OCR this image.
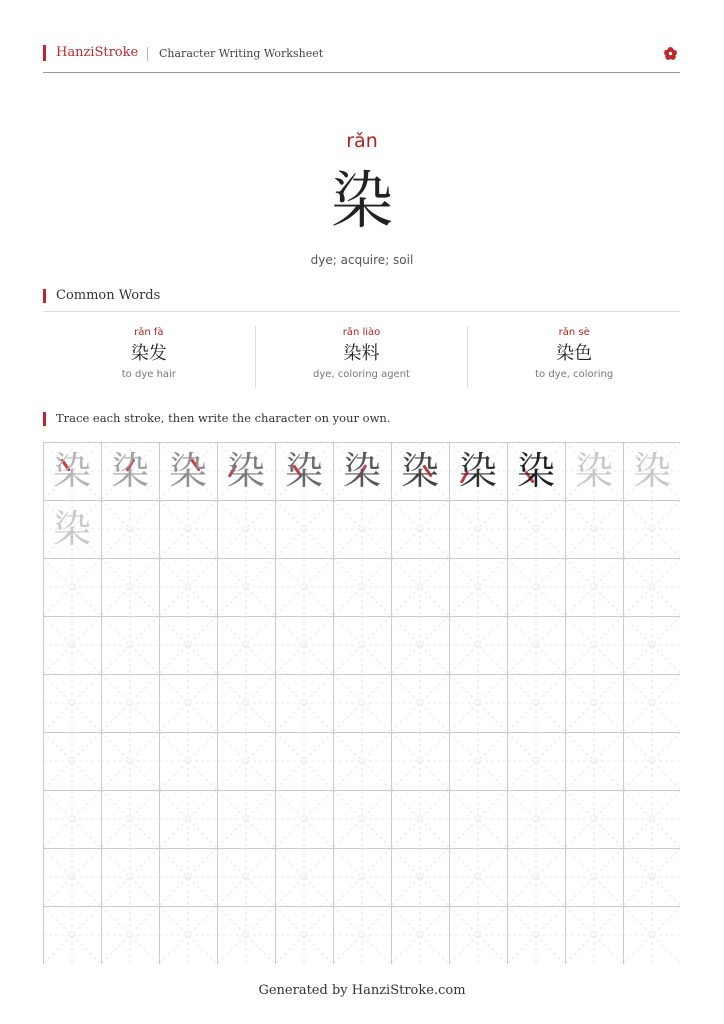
HanziStroke Character Writing Worksheet
rǎn
染
dye; acquire; soil
Common Words
rǎn fà
染发
to dye hair
rǎn liào
染料
dye, coloring agent
rǎn sè
染色
to dye, coloring
Trace each stroke, then write the character on your own.
染 染 染 染 染 染 染 染 染 染 染
染
Generated by HanziStroke.com
